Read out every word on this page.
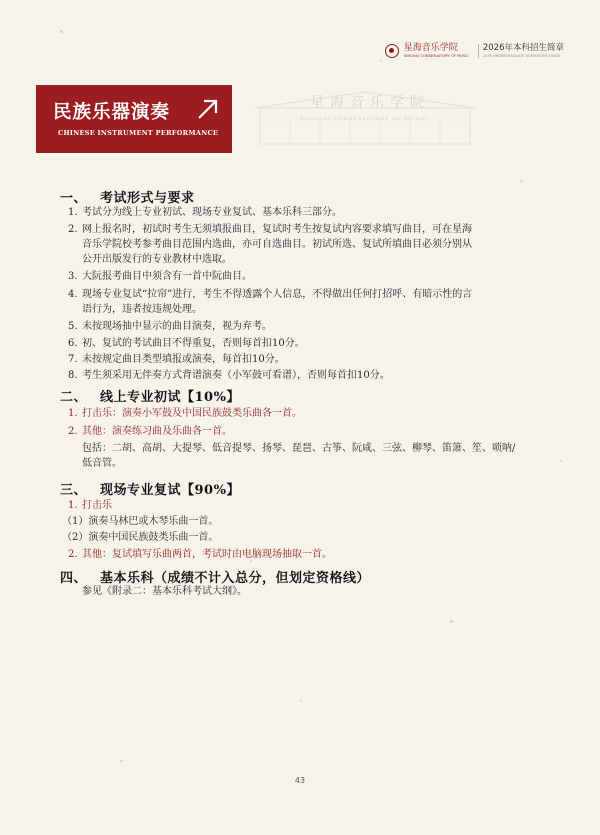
星海音乐学院
XINGHAI CONSERVATORY OF MUSIC
2026年本科招生简章
2026 UNDERGRADUATE ADMISSIONS GUIDE
星海音乐学院
XINGHAI CONSERVATORY OF MUSIC
民族乐器演奏
CHINESE INSTRUMENT PERFORMANCE
一、 考试形式与要求
1. 考试分为线上专业初试、现场专业复试、基本乐科三部分。
2. 网上报名时，初试时考生无须填报曲目，复试时考生按复试内容要求填写曲目，可在星海
音乐学院校考参考曲目范围内选曲，亦可自选曲目。初试所选、复试所填曲目必须分别从
公开出版发行的专业教材中选取。
3. 大阮报考曲目中须含有一首中阮曲目。
4. 现场专业复试“拉帘”进行，考生不得透露个人信息，不得做出任何打招呼、有暗示性的言
语行为，违者按违规处理。
5. 未按现场抽中显示的曲目演奏，视为弃考。
6. 初、复试的考试曲目不得重复，否则每首扣10分。
7. 未按规定曲目类型填报或演奏，每首扣10分。
8. 考生须采用无伴奏方式背谱演奏（小军鼓可看谱），否则每首扣10分。
二、 线上专业初试【10%】
1. 打击乐：演奏小军鼓及中国民族鼓类乐曲各一首。
2. 其他：演奏练习曲及乐曲各一首。
包括：二胡、高胡、大提琴、低音提琴、扬琴、琵琶、古筝、阮咸、三弦、柳琴、笛箫、笙、唢呐/
低音管。
三、 现场专业复试【90%】
1. 打击乐
（1）演奏马林巴或木琴乐曲一首。
（2）演奏中国民族鼓类乐曲一首。
2. 其他：复试填写乐曲两首，考试时由电脑现场抽取一首。
四、 基本乐科（成绩不计入总分，但划定资格线）
参见《附录二：基本乐科考试大纲》。
43
